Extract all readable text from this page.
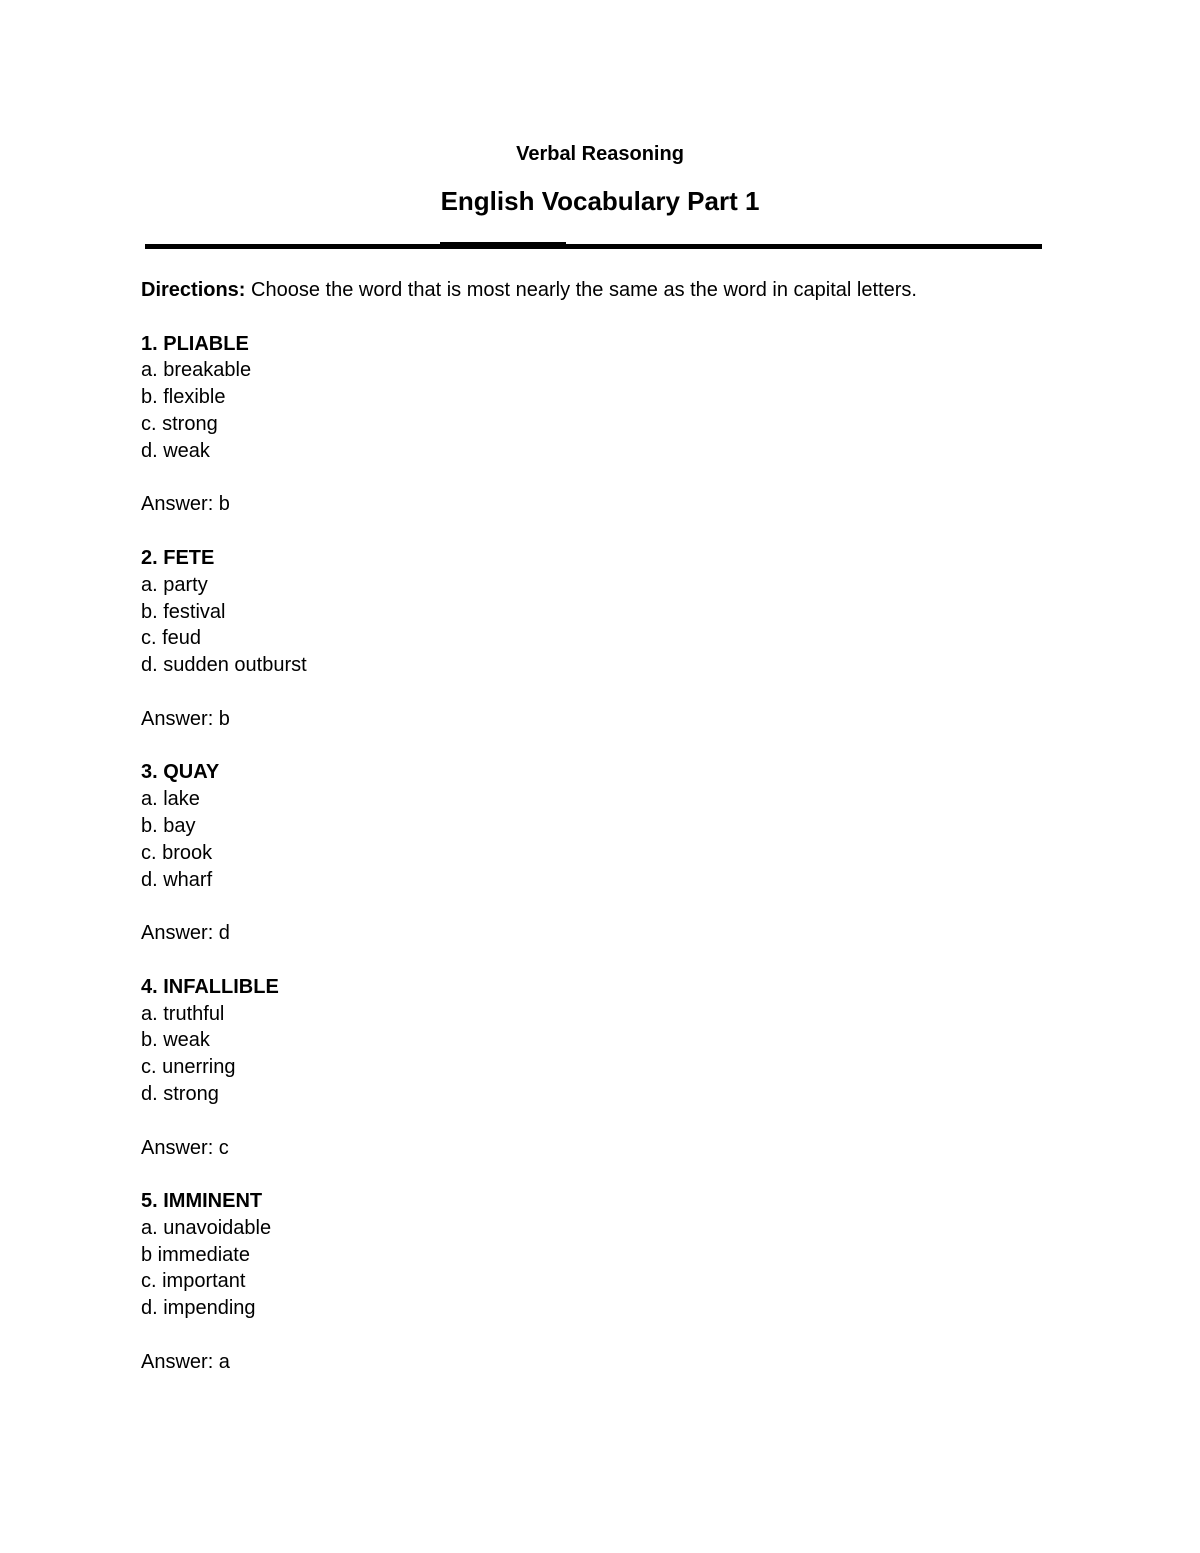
Verbal Reasoning
English Vocabulary Part 1
Directions: Choose the word that is most nearly the same as the word in capital letters.
1. PLIABLE
a. breakable
b. flexible
c. strong
d. weak
Answer: b
2. FETE
a. party
b. festival
c. feud
d. sudden outburst
Answer: b
3. QUAY
a. lake
b. bay
c. brook
d. wharf
Answer: d
4. INFALLIBLE
a. truthful
b. weak
c. unerring
d. strong
Answer: c
5. IMMINENT
a. unavoidable
b immediate
c. important
d. impending
Answer: a
